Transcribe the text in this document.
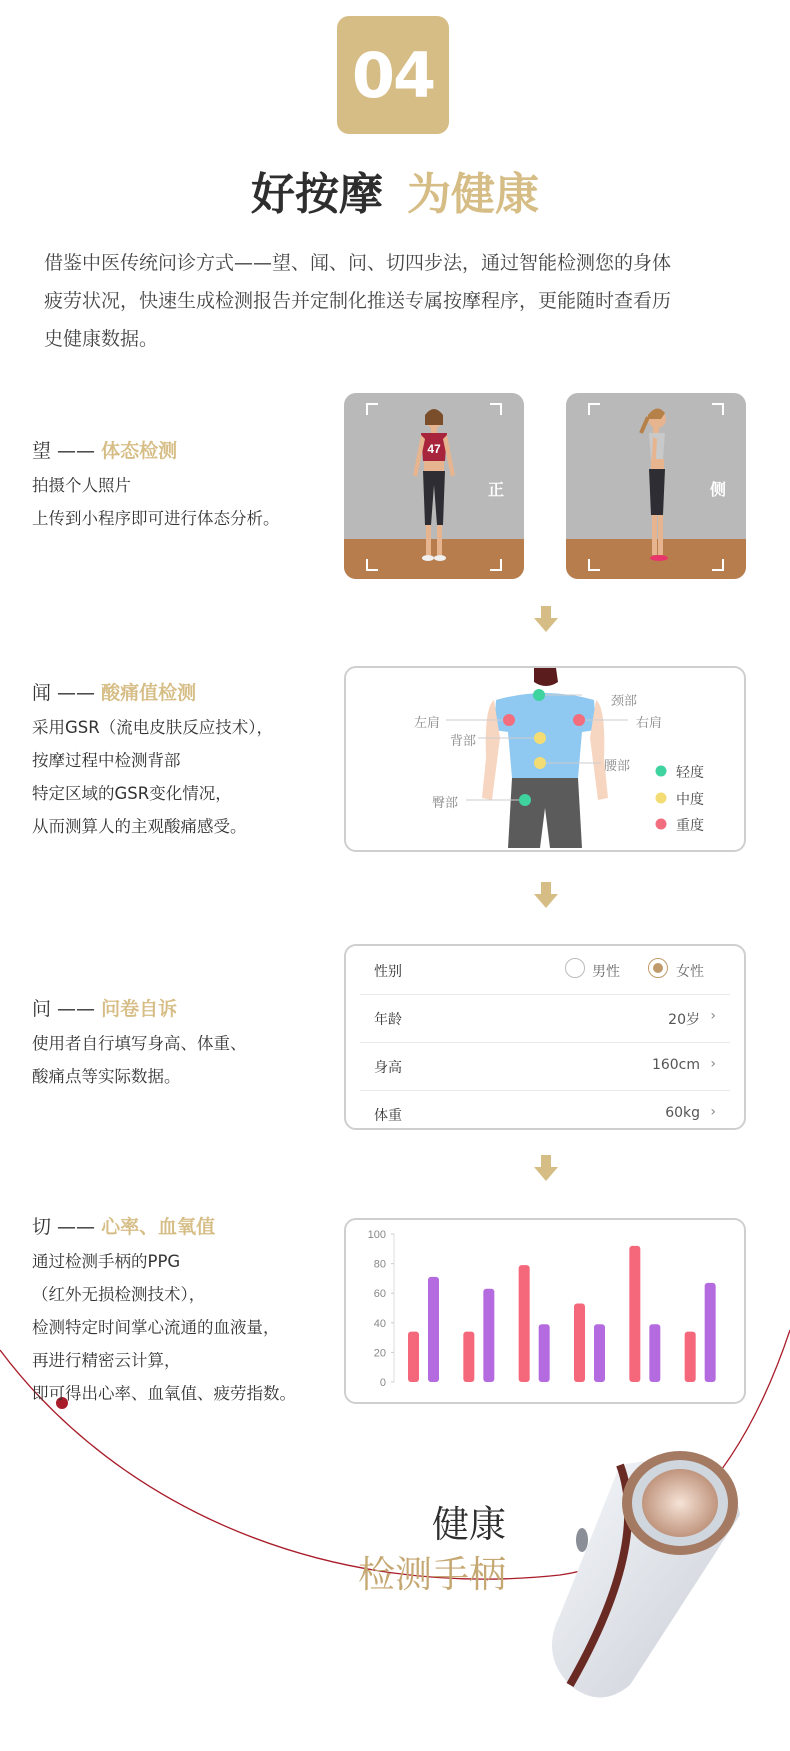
04
好按摩 为健康
借鉴中医传统问诊方式——望、闻、问、切四步法，通过智能检测您的身体
疲劳状况，快速生成检测报告并定制化推送专属按摩程序，更能随时查看历
史健康数据。
望 —— 体态检测
拍摄个人照片
上传到小程序即可进行体态分析。
47
正	侧
闻 —— 酸痛值检测
采用GSR（流电皮肤反应技术），
按摩过程中检测背部
特定区域的GSR变化情况，
从而测算人的主观酸痛感受。
颈部
左肩	右肩
背部
腰部
臀部
轻度
中度
重度
问 —— 问卷自诉
使用者自行填写身高、体重、
酸痛点等实际数据。
性别	男性	女性
年龄	20岁 ›
身高	160cm ›
体重	60kg ›
切 —— 心率、血氧值
通过检测手柄的PPG
（红外无损检测技术），
检测特定时间掌心流通的血液量，
再进行精密云计算，
即可得出心率、血氧值、疲劳指数。
0
20
40
60
80
100
健康
检测手柄
